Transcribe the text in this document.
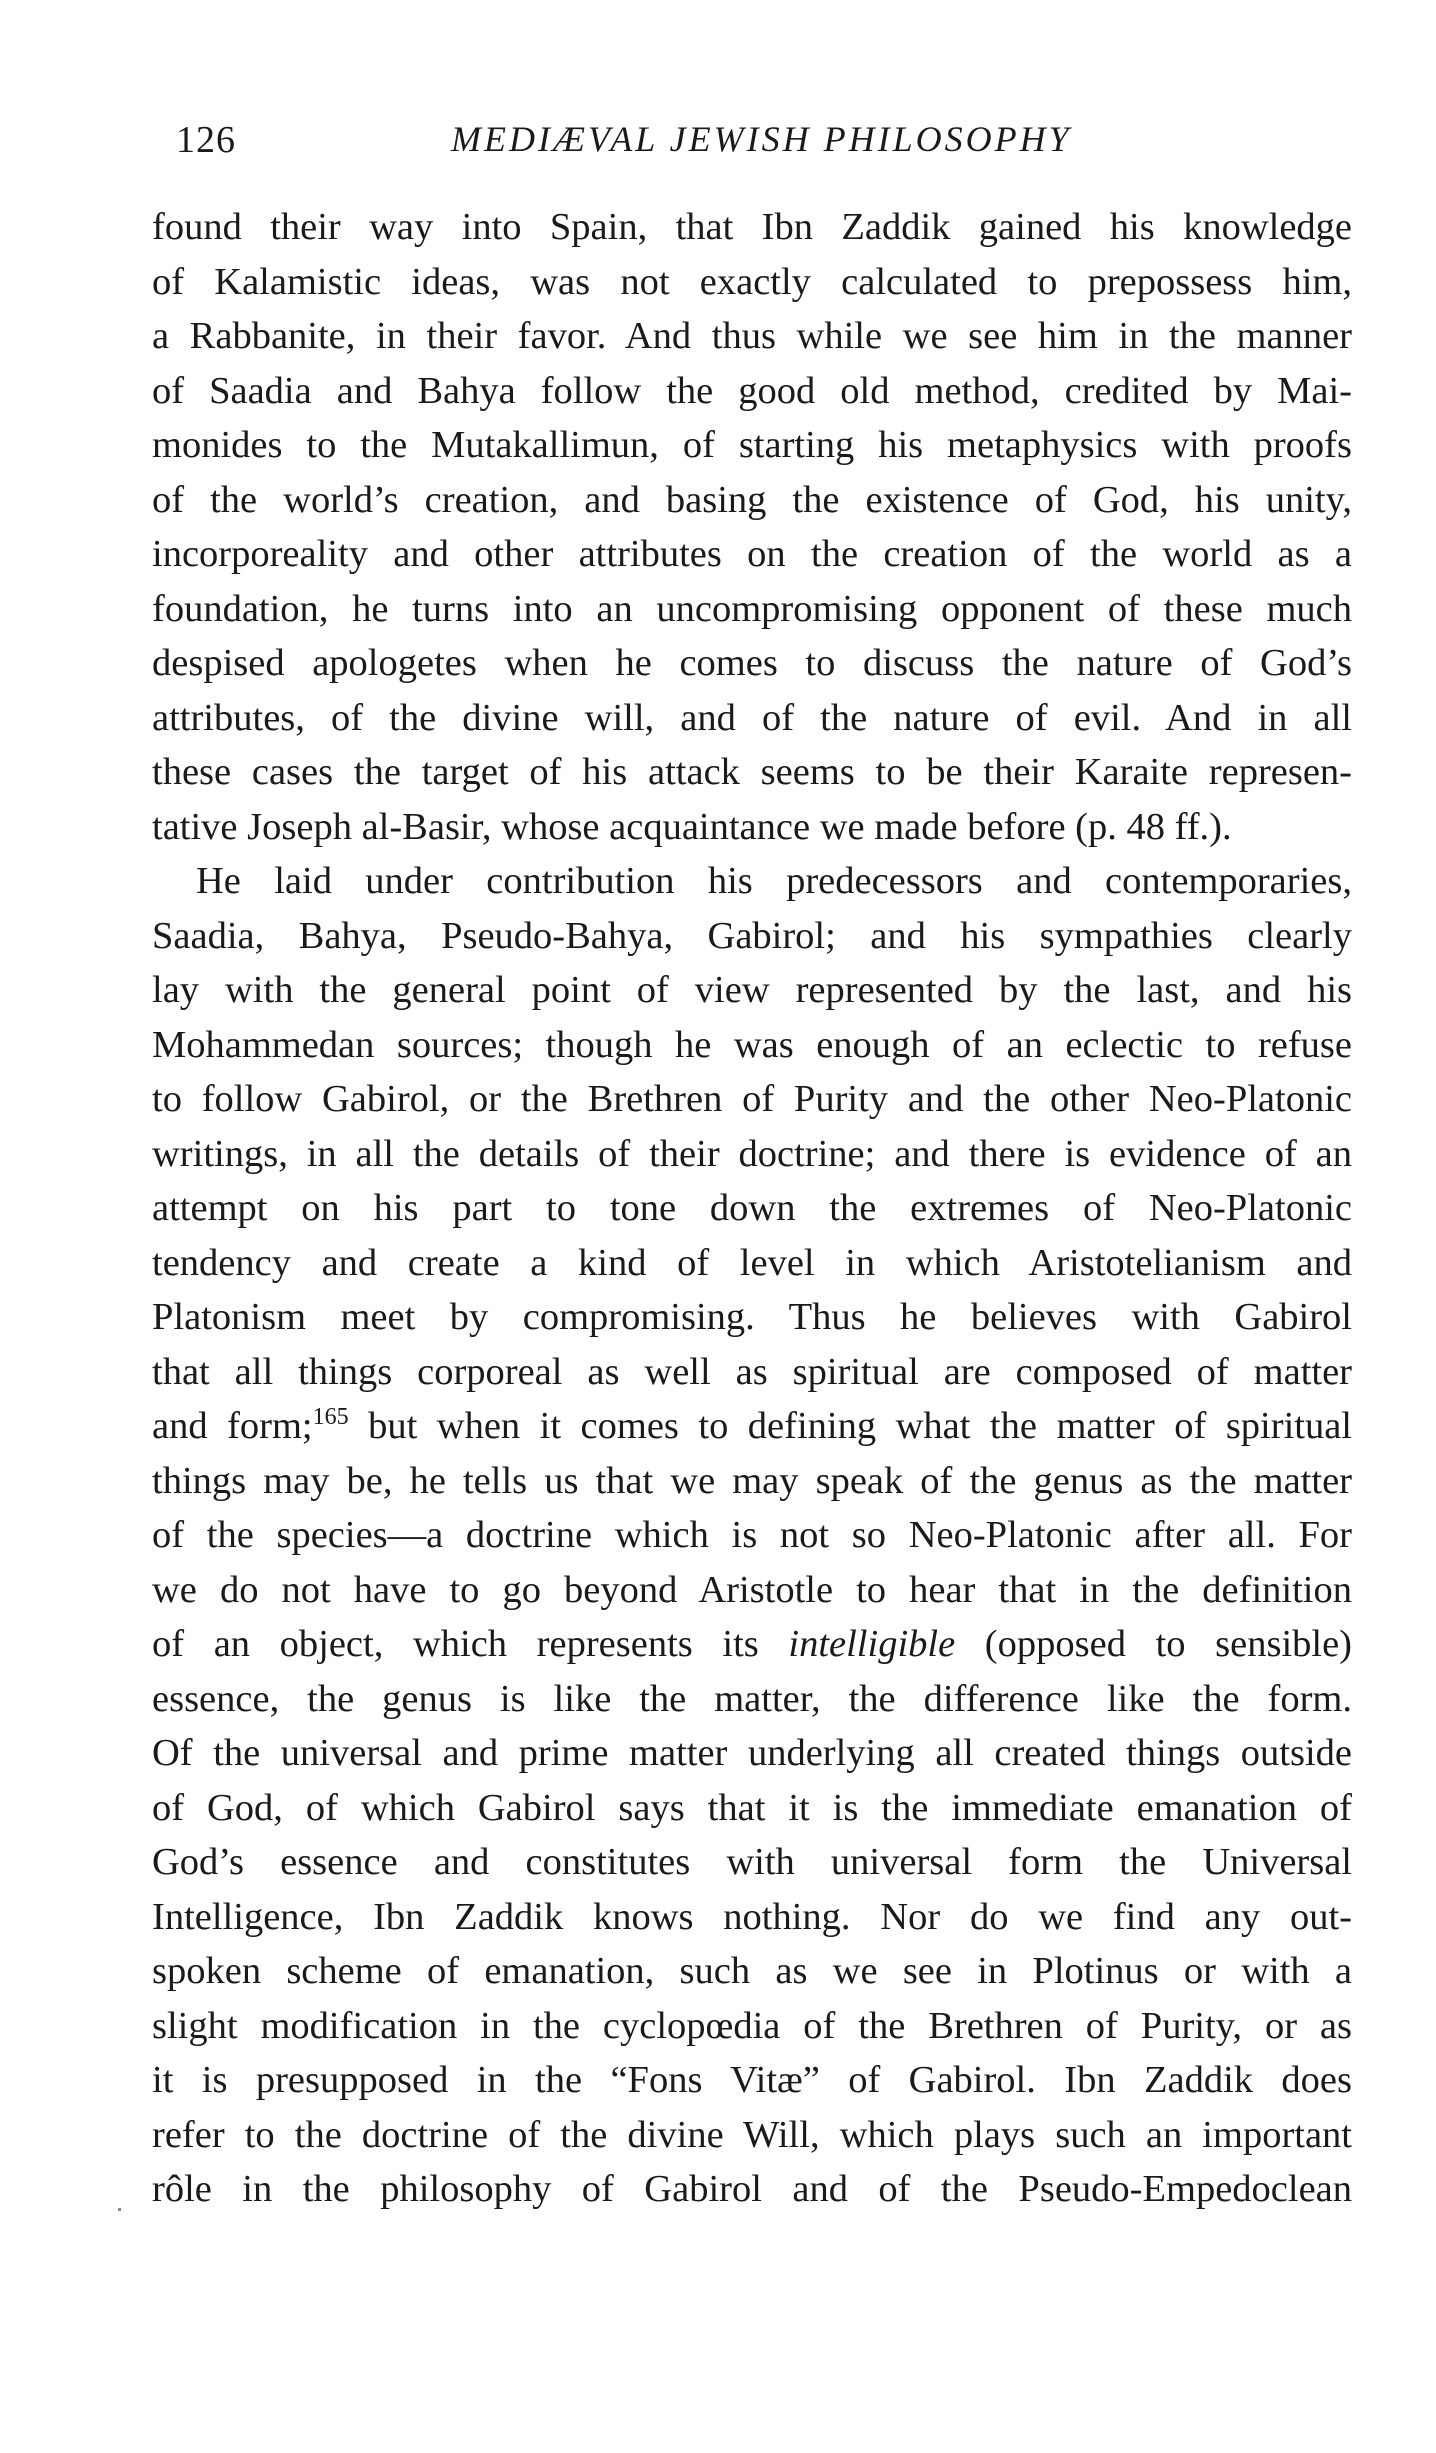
126	MEDIÆVAL JEWISH PHILOSOPHY
found their way into Spain, that Ibn Zaddik gained his knowledge
of Kalamistic ideas, was not exactly calculated to prepossess him,
a Rabbanite, in their favor. And thus while we see him in the manner
of Saadia and Bahya follow the good old method, credited by Mai-
monides to the Mutakallimun, of starting his metaphysics with proofs
of the world’s creation, and basing the existence of God, his unity,
incorporeality and other attributes on the creation of the world as a
foundation, he turns into an uncompromising opponent of these much
despised apologetes when he comes to discuss the nature of God’s
attributes, of the divine will, and of the nature of evil. And in all
these cases the target of his attack seems to be their Karaite represen-
tative Joseph al-Basir, whose acquaintance we made before (p. 48 ff.).
He laid under contribution his predecessors and contemporaries,
Saadia, Bahya, Pseudo-Bahya, Gabirol; and his sympathies clearly
lay with the general point of view represented by the last, and his
Mohammedan sources; though he was enough of an eclectic to refuse
to follow Gabirol, or the Brethren of Purity and the other Neo-Platonic
writings, in all the details of their doctrine; and there is evidence of an
attempt on his part to tone down the extremes of Neo-Platonic
tendency and create a kind of level in which Aristotelianism and
Platonism meet by compromising. Thus he believes with Gabirol
that all things corporeal as well as spiritual are composed of matter
and form;$^{165}$ but when it comes to defining what the matter of spiritual
things may be, he tells us that we may speak of the genus as the matter
of the species—a doctrine which is not so Neo-Platonic after all. For
we do not have to go beyond Aristotle to hear that in the definition
of an object, which represents its intelligible (opposed to sensible)
essence, the genus is like the matter, the difference like the form.
Of the universal and prime matter underlying all created things outside
of God, of which Gabirol says that it is the immediate emanation of
God’s essence and constitutes with universal form the Universal
Intelligence, Ibn Zaddik knows nothing. Nor do we find any out-
spoken scheme of emanation, such as we see in Plotinus or with a
slight modification in the cyclopœdia of the Brethren of Purity, or as
it is presupposed in the “Fons Vitæ” of Gabirol. Ibn Zaddik does
refer to the doctrine of the divine Will, which plays such an important
rôle in the philosophy of Gabirol and of the Pseudo-Empedoclean
